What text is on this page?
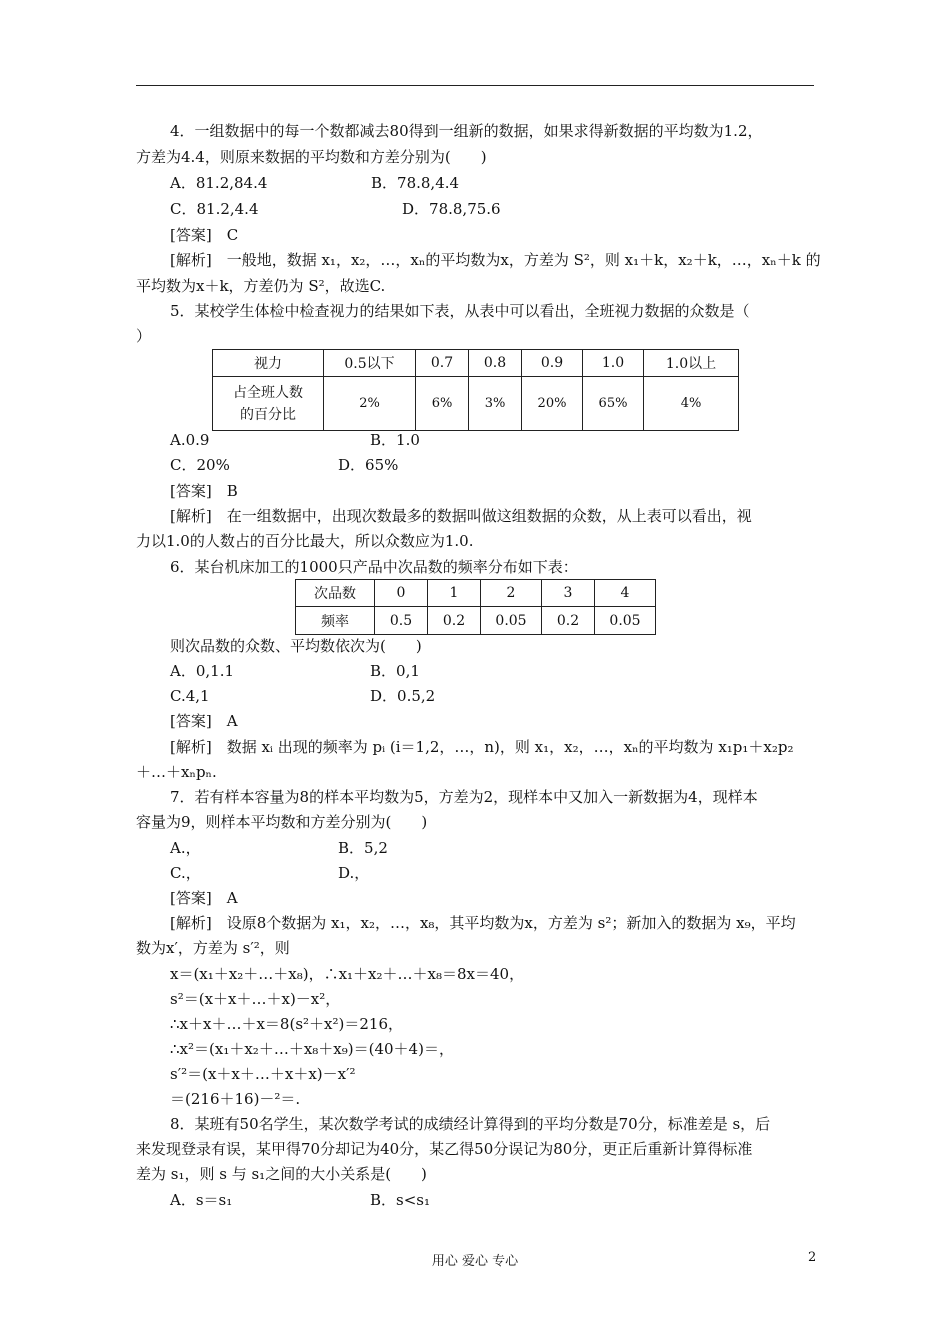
4．一组数据中的每一个数都减去80得到一组新的数据，如果求得新数据的平均数为1.2，
方差为4.4，则原来数据的平均数和方差分别为(　　)
A．81.2,84.4	B．78.8,4.4
C．81.2,4.4	D．78.8,75.6
[答案]　C
[解析]　一般地，数据 x₁，x₂，…，xₙ的平均数为x，方差为 S²，则 x₁＋k，x₂＋k，…，xₙ＋k 的
平均数为x＋k，方差仍为 S²，故选C.
5．某校学生体检中检查视力的结果如下表，从表中可以看出，全班视力数据的众数是（
）
视力	0.5以下	0.7	0.8	0.9	1.0	1.0以上

占全班人数
的百分比	2%	6%	3%	20%	65%	4%
A.0.9	B．1.0
C．20%	D．65%
[答案]　B
[解析]　在一组数据中，出现次数最多的数据叫做这组数据的众数，从上表可以看出，视
力以1.0的人数占的百分比最大，所以众数应为1.0.
6．某台机床加工的1000只产品中次品数的频率分布如下表：
次品数	0	1	2	3	4
频率	0.5	0.2	0.05	0.2	0.05
则次品数的众数、平均数依次为(　　)
A．0,1.1	B．0,1
C.4,1	D．0.5,2
[答案]　A
[解析]　数据 xᵢ 出现的频率为 pᵢ (i＝1,2，…，n)，则 x₁，x₂，…，xₙ的平均数为 x₁p₁＋x₂p₂
＋…＋xₙpₙ.
7．若有样本容量为8的样本平均数为5，方差为2，现样本中又加入一新数据为4，现样本
容量为9，则样本平均数和方差分别为(　　)
A.，	B．5,2
C.，	D.，
[答案]　A
[解析]　设原8个数据为 x₁，x₂，…，x₈，其平均数为x，方差为 s²；新加入的数据为 x₉，平均
数为x′，方差为 s′²，则
x＝(x₁＋x₂＋…＋x₈)，∴x₁＋x₂＋…＋x₈＝8x＝40，
s²＝(x＋x＋…＋x)－x²，
∴x＋x＋…＋x＝8(s²＋x²)＝216，
∴x²＝(x₁＋x₂＋…＋x₈＋x₉)＝(40＋4)＝，
s′²＝(x＋x＋…＋x＋x)－x′²
＝(216＋16)－²＝.
8．某班有50名学生，某次数学考试的成绩经计算得到的平均分数是70分，标准差是 s，后
来发现登录有误，某甲得70分却记为40分，某乙得50分误记为80分，更正后重新计算得标准
差为 s₁，则 s 与 s₁之间的大小关系是(　　)
A．s＝s₁	B．s<s₁
用心 爱心 专心	2
